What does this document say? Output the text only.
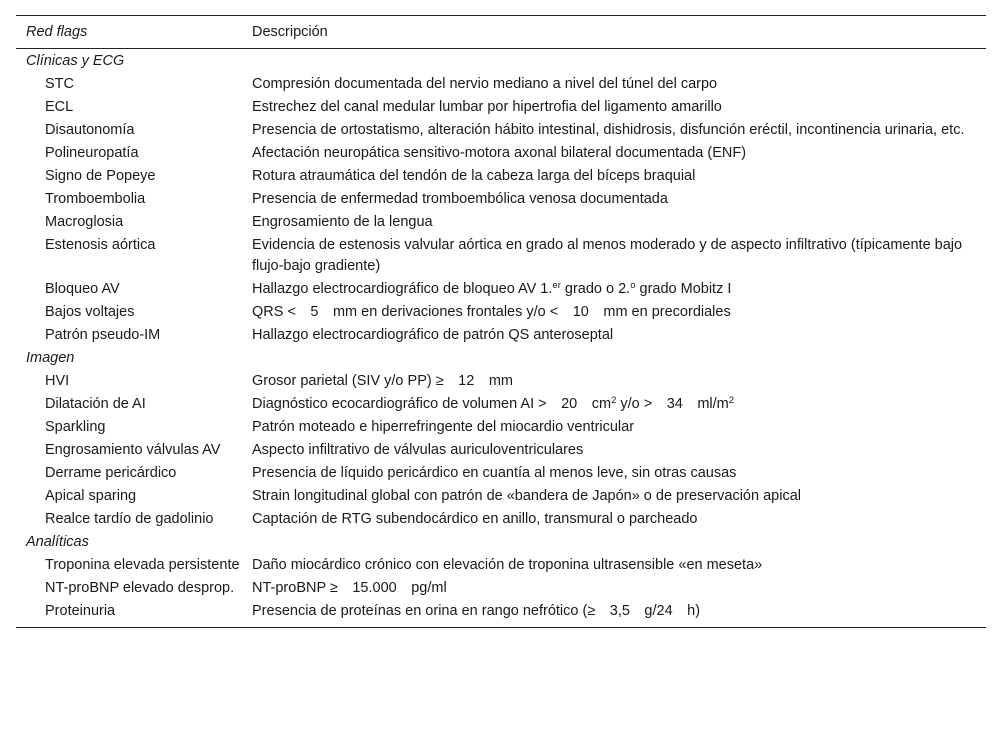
Red flags	Descripción
Clínicas y ECG	
STC	Compresión documentada del nervio mediano a nivel del túnel del carpo
ECL	Estrechez del canal medular lumbar por hipertrofia del ligamento amarillo
Disautonomía	Presencia de ortostatismo, alteración hábito intestinal, dishidrosis, disfunción eréctil, incontinencia urinaria, etc.
Polineuropatía	Afectación neuropática sensitivo-motora axonal bilateral documentada (ENF)
Signo de Popeye	Rotura atraumática del tendón de la cabeza larga del bíceps braquial
Tromboembolia	Presencia de enfermedad tromboembólica venosa documentada
Macroglosia	Engrosamiento de la lengua
Estenosis aórtica	Evidencia de estenosis valvular aórtica en grado al menos moderado y de aspecto infiltrativo (típicamente bajo flujo-bajo gradiente)
Bloqueo AV	Hallazgo electrocardiográfico de bloqueo AV 1.$^{er}$ grado o 2.$^o$ grado Mobitz I
Bajos voltajes	QRS <  5  mm en derivaciones frontales y/o <  10  mm en precordiales
Patrón pseudo-IM	Hallazgo electrocardiográfico de patrón QS anteroseptal
Imagen	
HVI	Grosor parietal (SIV y/o PP) ≥  12  mm
Dilatación de AI	Diagnóstico ecocardiográfico de volumen AI >  20  $cm^2$ y/o >  34  $ml/m^2$
Sparkling	Patrón moteado e hiperrefringente del miocardio ventricular
Engrosamiento válvulas AV	Aspecto infiltrativo de válvulas auriculoventriculares
Derrame pericárdico	Presencia de líquido pericárdico en cuantía al menos leve, sin otras causas
Apical sparing	Strain longitudinal global con patrón de «bandera de Japón» o de preservación apical
Realce tardío de gadolinio	Captación de RTG subendocárdico en anillo, transmural o parcheado
Analíticas	
Troponina elevada persistente	Daño miocárdico crónico con elevación de troponina ultrasensible «en meseta»
NT-proBNP elevado desprop.	NT-proBNP ≥  15.000  pg/ml
Proteinuria	Presencia de proteínas en orina en rango nefrótico (≥  3,5  g/24  h)
